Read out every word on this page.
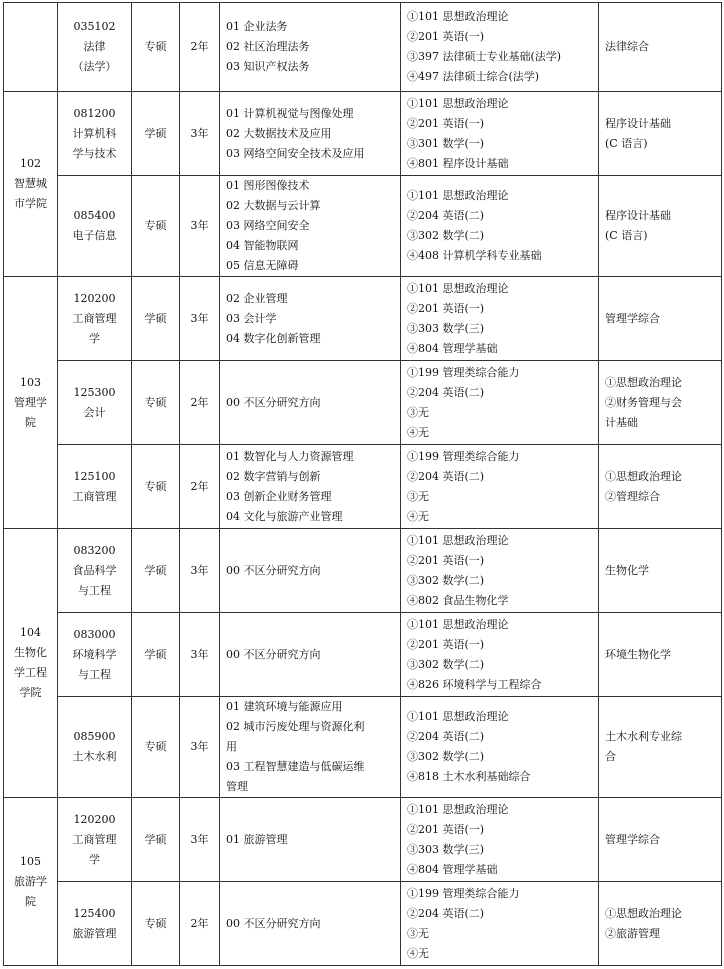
	035102
法律
（法学）	专硕	2年	01 企业法务
02 社区治理法务
03 知识产权法务	①101 思想政治理论
②201 英语(一)
③397 法律硕士专业基础(法学)
④497 法律硕士综合(法学)	法律综合

102
智慧城
市学院	081200
计算机科
学与技术	学硕	3年	01 计算机视觉与图像处理
02 大数据技术及应用
03 网络空间安全技术及应用	①101 思想政治理论
②201 英语(一)
③301 数学(一)
④801 程序设计基础	程序设计基础
(C 语言)

	085400
电子信息	专硕	3年	01 图形图像技术
02 大数据与云计算
03 网络空间安全
04 智能物联网
05 信息无障碍	①101 思想政治理论
②204 英语(二)
③302 数学(二)
④408 计算机学科专业基础	程序设计基础
(C 语言)

103
管理学
院	120200
工商管理
学	学硕	3年	02 企业管理
03 会计学
04 数字化创新管理	①101 思想政治理论
②201 英语(一)
③303 数学(三)
④804 管理学基础	管理学综合

	125300
会计	专硕	2年	00 不区分研究方向	①199 管理类综合能力
②204 英语(二)
③无
④无	①思想政治理论
②财务管理与会
计基础

	125100
工商管理	专硕	2年	01 数智化与人力资源管理
02 数字营销与创新
03 创新企业财务管理
04 文化与旅游产业管理	①199 管理类综合能力
②204 英语(二)
③无
④无	①思想政治理论
②管理综合

104
生物化
学工程
学院	083200
食品科学
与工程	学硕	3年	00 不区分研究方向	①101 思想政治理论
②201 英语(一)
③302 数学(二)
④802 食品生物化学	生物化学

	083000
环境科学
与工程	学硕	3年	00 不区分研究方向	①101 思想政治理论
②201 英语(一)
③302 数学(二)
④826 环境科学与工程综合	环境生物化学

	085900
土木水利	专硕	3年	01 建筑环境与能源应用
02 城市污废处理与资源化利
用
03 工程智慧建造与低碳运维
管理	①101 思想政治理论
②204 英语(二)
③302 数学(二)
④818 土木水利基础综合	土木水利专业综
合

105
旅游学
院	120200
工商管理
学	学硕	3年	01 旅游管理	①101 思想政治理论
②201 英语(一)
③303 数学(三)
④804 管理学基础	管理学综合

	125400
旅游管理	专硕	2年	00 不区分研究方向	①199 管理类综合能力
②204 英语(二)
③无
④无	①思想政治理论
②旅游管理
